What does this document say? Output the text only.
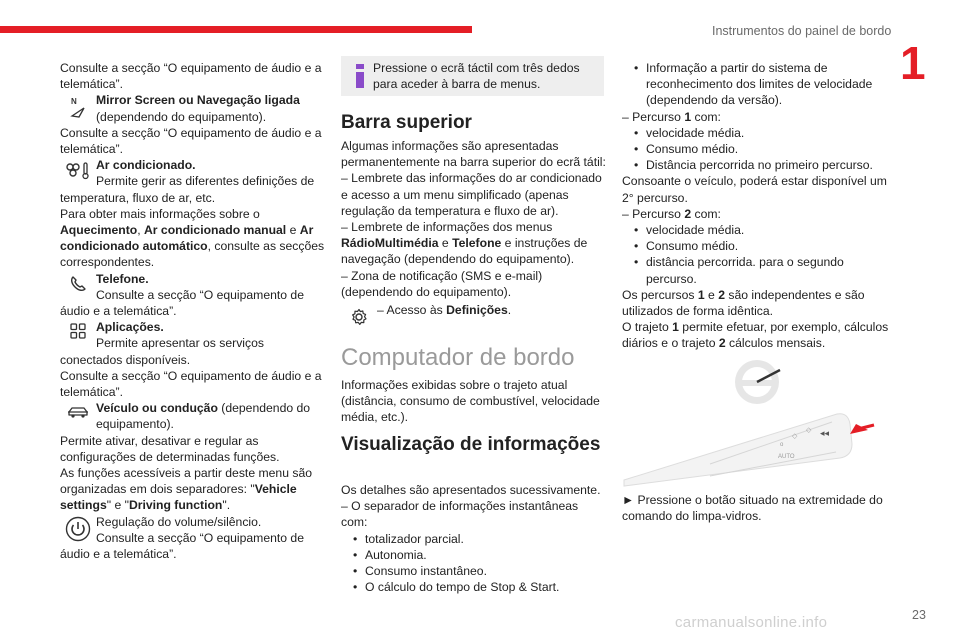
Instrumentos do painel de bordo
1

Consulte a secção “O equipamento de áudio e a telemática”.

N Mirror Screen ou Navegação ligada
(dependendo do equipamento).

Consulte a secção “O equipamento de áudio e a telemática”.

Ar condicionado.
Permite gerir as diferentes definições de

temperatura, fluxo de ar, etc.

Para obter mais informações sobre o
Aquecimento, Ar condicionado manual e Ar condicionado automático, consulte as secções correspondentes.

Telefone.
Consulte a secção “O equipamento de

áudio e a telemática”.

Aplicações.
Permite apresentar os serviços

conectados disponíveis.

Consulte a secção “O equipamento de áudio e a telemática”.

Veículo ou condução (dependendo do
equipamento).

Permite ativar, desativar e regular as configurações de determinadas funções.

As funções acessíveis a partir deste menu são organizadas em dois separadores: "Vehicle settings" e "Driving function".

Regulação do volume/silêncio.
Consulte a secção “O equipamento de

áudio e a telemática”.

Pressione o ecrã táctil com três dedos para aceder à barra de menus.
Barra superior

Algumas informações são apresentadas permanentemente na barra superior do ecrã tátil:

– Lembrete das informações do ar condicionado e acesso a um menu simplificado (apenas regulação da temperatura e fluxo de ar).

– Lembrete de informações dos menus RádioMultimédia e Telefone e instruções de navegação (dependendo do equipamento).

– Zona de notificação (SMS e e-mail) (dependendo do equipamento).

– Acesso às Definições.
Computador de bordo

Informações exibidas sobre o trajeto atual (distância, consumo de combustível, velocidade média, etc.).

Visualização de informações

Os detalhes são apresentados sucessivamente.

– O separador de informações instantâneas com:

• totalizador parcial.
• Autonomia.
• Consumo instantâneo.
• O cálculo do tempo de Stop & Start.
• Informação a partir do sistema de reconhecimento dos limites de velocidade (dependendo da versão).

– Percurso 1 com:

• velocidade média.
• Consumo médio.
• Distância percorrida no primeiro percurso.

Consoante o veículo, poderá estar disponível um 2° percurso.

– Percurso 2 com:

• velocidade média.
• Consumo médio.
• distância percorrida. para o segundo percurso.

Os percursos 1 e 2 são independentes e são utilizados de forma idêntica.

O trajeto 1 permite efetuar, por exemplo, cálculos diários e o trajeto 2 cálculos mensais.

AUTO
o
◇
◇ ◂◂

► Pressione o botão situado na extremidade do comando do limpa-vidros.

carmanualsonline.info	23
